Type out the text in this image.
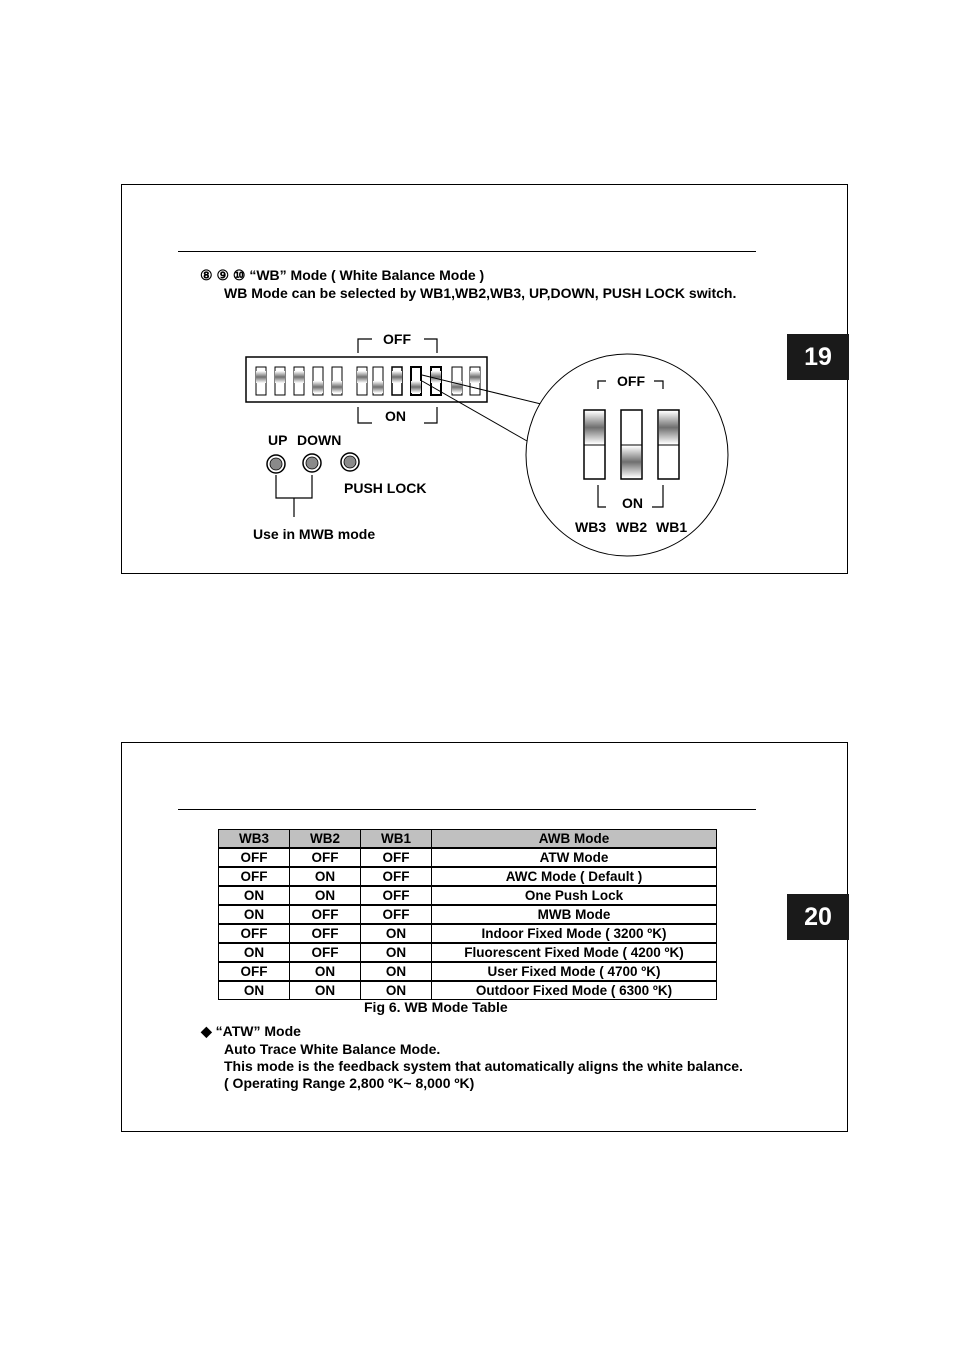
⑧ ⑨ ⑩ “WB” Mode ( White Balance Mode )
WB Mode can be selected by WB1,WB2,WB3, UP,DOWN, PUSH LOCK switch.
OFF
ON
OFF
ON
WB3 WB2 WB1
UP DOWN
PUSH LOCK
Use in MWB mode
19
WB3	WB2	WB1	AWB Mode
OFF	OFF	OFF	ATW Mode
OFF	ON	OFF	AWC Mode ( Default )
ON	ON	OFF	One Push Lock
ON	OFF	OFF	MWB Mode
OFF	OFF	ON	Indoor Fixed Mode ( 3200 ºK)
ON	OFF	ON	Fluorescent Fixed Mode ( 4200 ºK)
OFF	ON	ON	User Fixed Mode ( 4700 ºK)
ON	ON	ON	Outdoor Fixed Mode ( 6300 ºK)
Fig 6. WB Mode Table
◆ “ATW” Mode
Auto Trace White Balance Mode.
This mode is the feedback system that automatically aligns the white balance.
( Operating Range 2,800 ºK~ 8,000 ºK)
20
